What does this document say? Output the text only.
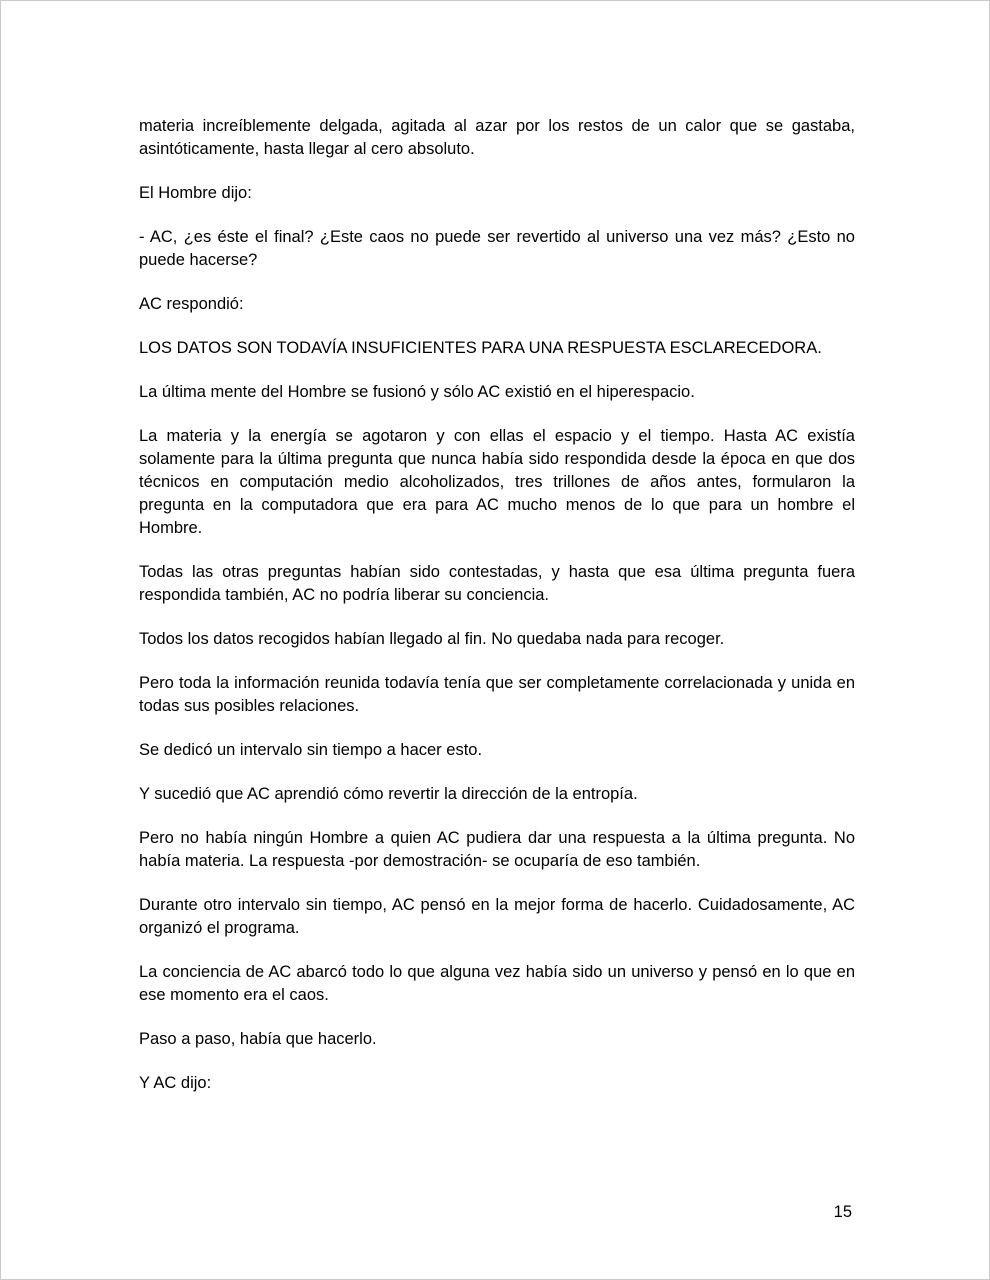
materia increíblemente delgada, agitada al azar por los restos de un calor que se gastaba, asintóticamente, hasta llegar al cero absoluto.
El Hombre dijo:
- AC, ¿es éste el final? ¿Este caos no puede ser revertido al universo una vez más? ¿Esto no puede hacerse?
AC respondió:
LOS DATOS SON TODAVÍA INSUFICIENTES PARA UNA RESPUESTA ESCLARECEDORA.
La última mente del Hombre se fusionó y sólo AC existió en el hiperespacio.
La materia y la energía se agotaron y con ellas el espacio y el tiempo. Hasta AC existía solamente para la última pregunta que nunca había sido respondida desde la época en que dos técnicos en computación medio alcoholizados, tres trillones de años antes, formularon la pregunta en la computadora que era para AC mucho menos de lo que para un hombre el Hombre.
Todas las otras preguntas habían sido contestadas, y hasta que esa última pregunta fuera respondida también, AC no podría liberar su conciencia.
Todos los datos recogidos habían llegado al fin. No quedaba nada para recoger.
Pero toda la información reunida todavía tenía que ser completamente correlacionada y unida en todas sus posibles relaciones.
Se dedicó un intervalo sin tiempo a hacer esto.
Y sucedió que AC aprendió cómo revertir la dirección de la entropía.
Pero no había ningún Hombre a quien AC pudiera dar una respuesta a la última pregunta. No había materia. La respuesta -por demostración- se ocuparía de eso también.
Durante otro intervalo sin tiempo, AC pensó en la mejor forma de hacerlo. Cuidadosamente, AC organizó el programa.
La conciencia de AC abarcó todo lo que alguna vez había sido un universo y pensó en lo que en ese momento era el caos.
Paso a paso, había que hacerlo.
Y AC dijo:
15
